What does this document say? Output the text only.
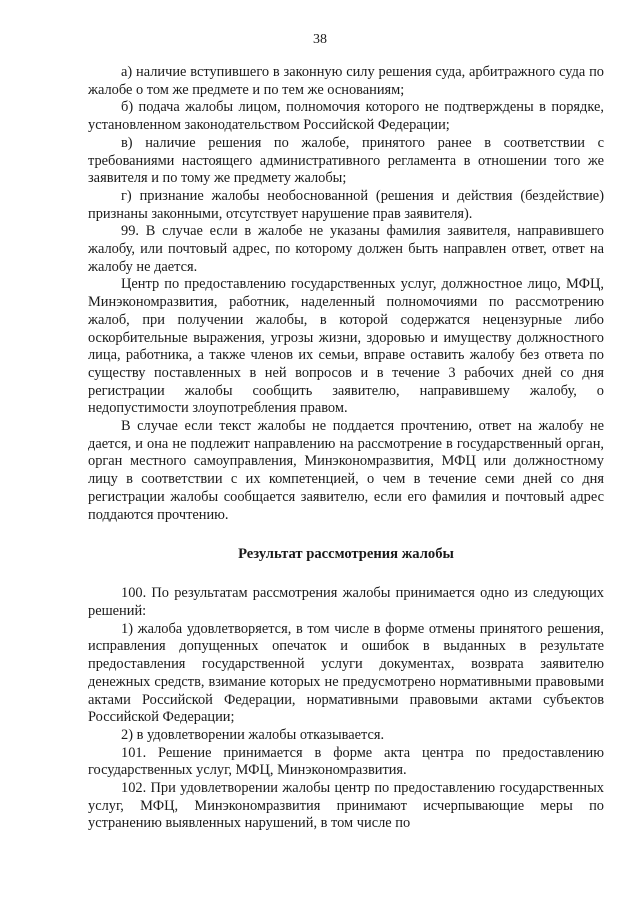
38

а) наличие вступившего в законную силу решения суда, арбитражного суда по жалобе о том же предмете и по тем же основаниям;

б) подача жалобы лицом, полномочия которого не подтверждены в порядке, установленном законодательством Российской Федерации;

в) наличие решения по жалобе, принятого ранее в соответствии с требованиями настоящего административного регламента в отношении того же заявителя и по тому же предмету жалобы;

г) признание жалобы необоснованной (решения и действия (бездействие) признаны законными, отсутствует нарушение прав заявителя).

99. В случае если в жалобе не указаны фамилия заявителя, направившего жалобу, или почтовый адрес, по которому должен быть направлен ответ, ответ на жалобу не дается.

Центр по предоставлению государственных услуг, должностное лицо, МФЦ, Минэкономразвития, работник, наделенный полномочиями по рассмотрению жалоб, при получении жалобы, в которой содержатся нецензурные либо оскорбительные выражения, угрозы жизни, здоровью и имуществу должностного лица, работника, а также членов их семьи, вправе оставить жалобу без ответа по существу поставленных в ней вопросов и в течение 3 рабочих дней со дня регистрации жалобы сообщить заявителю, направившему жалобу, о недопустимости злоупотребления правом.

В случае если текст жалобы не поддается прочтению, ответ на жалобу не дается, и она не подлежит направлению на рассмотрение в государственный орган, орган местного самоуправления, Минэкономразвития, МФЦ или должностному лицу в соответствии с их компетенцией, о чем в течение семи дней со дня регистрации жалобы сообщается заявителю, если его фамилия и почтовый адрес поддаются прочтению.

Результат рассмотрения жалобы

100. По результатам рассмотрения жалобы принимается одно из следующих решений:

1) жалоба удовлетворяется, в том числе в форме отмены принятого решения, исправления допущенных опечаток и ошибок в выданных в результате предоставления государственной услуги документах, возврата заявителю денежных средств, взимание которых не предусмотрено нормативными правовыми актами Российской Федерации, нормативными правовыми актами субъектов Российской Федерации;

2) в удовлетворении жалобы отказывается.

101. Решение принимается в форме акта центра по предоставлению государственных услуг, МФЦ, Минэкономразвития.

102. При удовлетворении жалобы центр по предоставлению государственных услуг, МФЦ, Минэкономразвития принимают исчерпывающие меры по устранению выявленных нарушений, в том числе по
